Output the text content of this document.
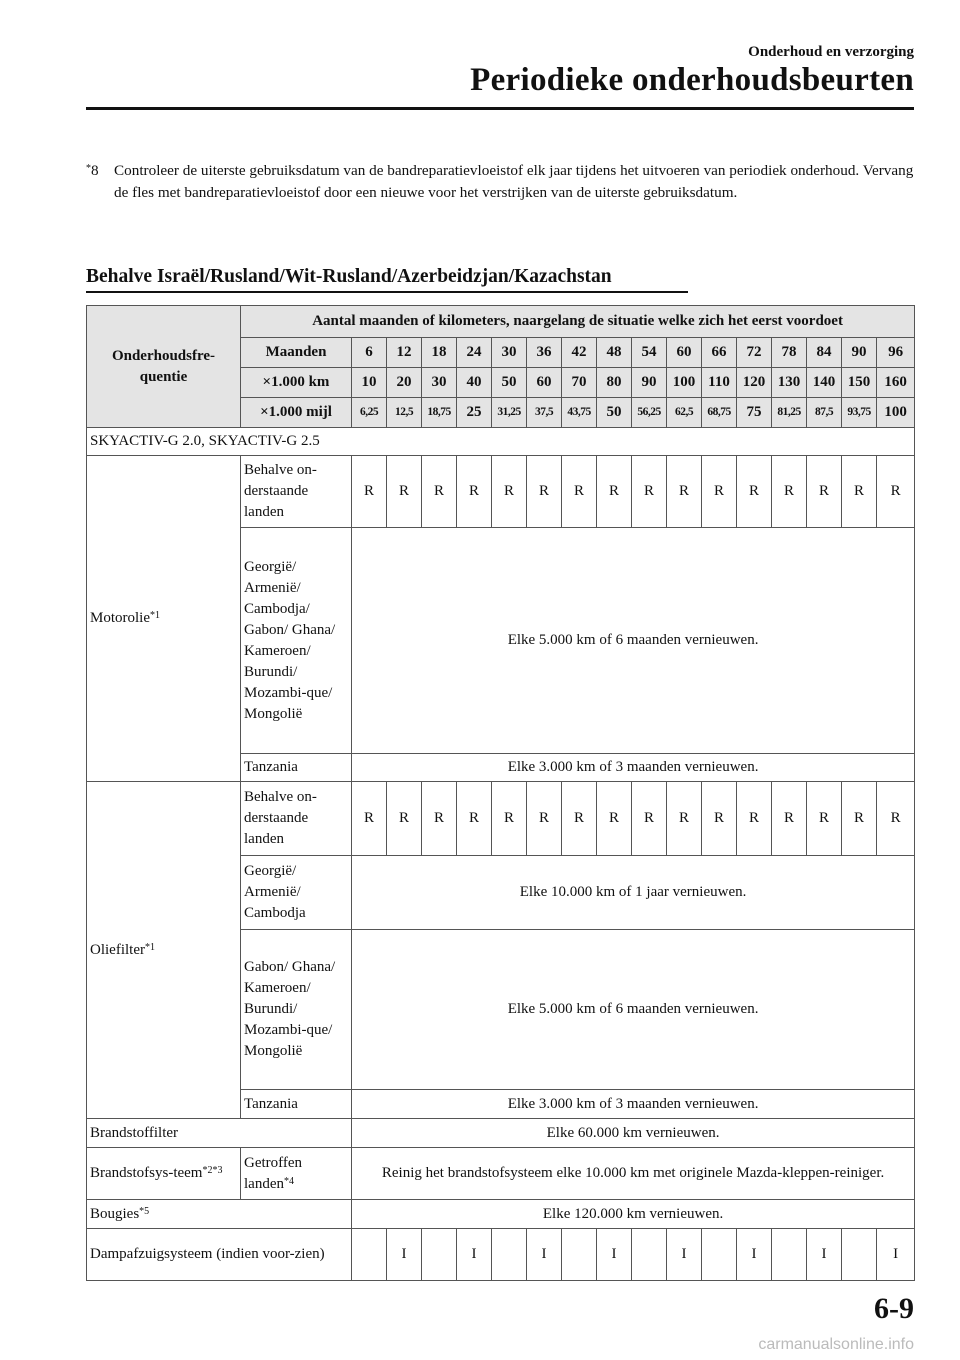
Onderhoud en verzorging
Periodieke onderhoudsbeurten
*8 Controleer de uiterste gebruiksdatum van de bandreparatievloeistof elk jaar tijdens het uitvoeren van periodiek onderhoud. Vervang de fles met bandreparatievloeistof door een nieuwe voor het verstrijken van de uiterste gebruiksdatum.
Behalve Israël/Rusland/Wit-Rusland/Azerbeidzjan/Kazachstan
Onderhoudsfre-quentie	Aantal maanden of kilometers, naargelang de situatie welke zich het eerst voordoet																
	Maanden	6	12	18	24	30	36	42	48	54	60	66	72	78	84	90	96
	×1.000 km	10	20	30	40	50	60	70	80	90	100	110	120	130	140	150	160
	×1.000 mijl	6,25	12,5	18,75	25	31,25	37,5	43,75	50	56,25	62,5	68,75	75	81,25	87,5	93,75	100
SKYACTIV-G 2.0, SKYACTIV-G 2.5																	
Motorolie$^{*1}$	Behalve on-derstaande landen	R	R	R	R	R	R	R	R	R	R	R	R	R	R	R	R
	Georgië/ Armenië/ Cambodja/ Gabon/ Ghana/ Kameroen/ Burundi/ Mozambi-que/ Mongolië	Elke 5.000 km of 6 maanden vernieuwen.															
	Tanzania	Elke 3.000 km of 3 maanden vernieuwen.															
Oliefilter$^{*1}$	Behalve on-derstaande landen	R	R	R	R	R	R	R	R	R	R	R	R	R	R	R	R
	Georgië/ Armenië/ Cambodja	Elke 10.000 km of 1 jaar vernieuwen.															
	Gabon/ Ghana/ Kameroen/ Burundi/ Mozambi-que/ Mongolië	Elke 5.000 km of 6 maanden vernieuwen.															
	Tanzania	Elke 3.000 km of 3 maanden vernieuwen.															
Brandstoffilter		Elke 60.000 km vernieuwen.															
Brandstofsys-teem$^{*2*3}$	Getroffen landen$^{*4}$	Reinig het brandstofsysteem elke 10.000 km met originele Mazda-kleppen-reiniger.															
Bougies$^{*5}$		Elke 120.000 km vernieuwen.															
Dampafzuigsysteem (indien voor-zien)			I		I		I		I		I		I		I		I
6-9
carmanualsonline.info
